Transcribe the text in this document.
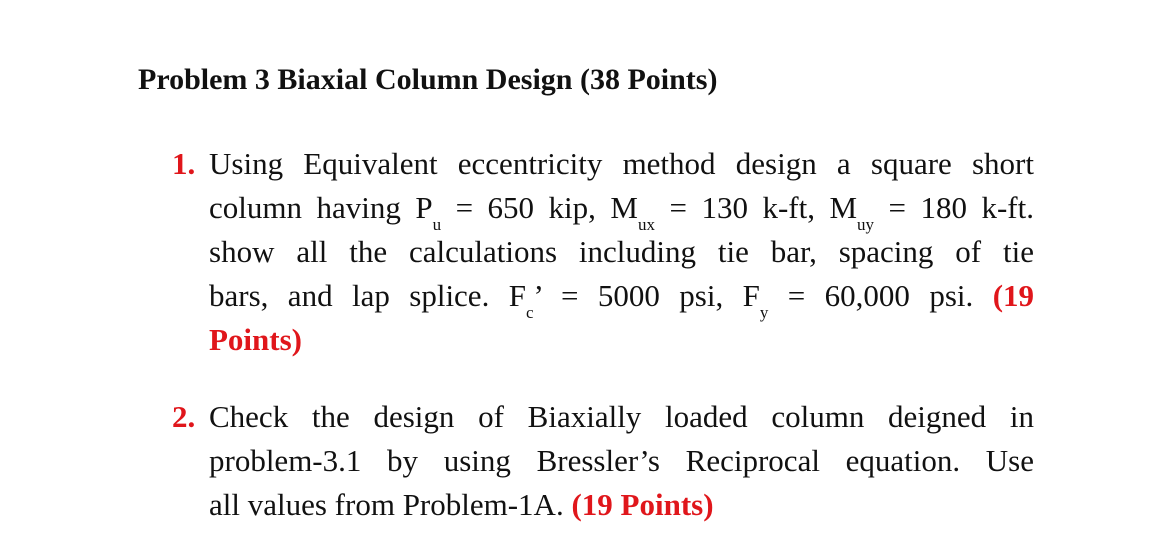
Problem 3 Biaxial Column Design (38 Points)
1. Using Equivalent eccentricity method design a square short
column having $P_u = 650$ kip, $M_{ux} = 130$ k-ft, $M_{uy} = 180$ k-ft.
show all the calculations including tie bar, spacing of tie
bars, and lap splice. $F_c$’ = 5000 psi, $F_y = 60,000$ psi. (19
Points)
2. Check the design of Biaxially loaded column deigned in
problem-3.1 by using Bressler’s Reciprocal equation. Use
all values from Problem-1A. (19 Points)
